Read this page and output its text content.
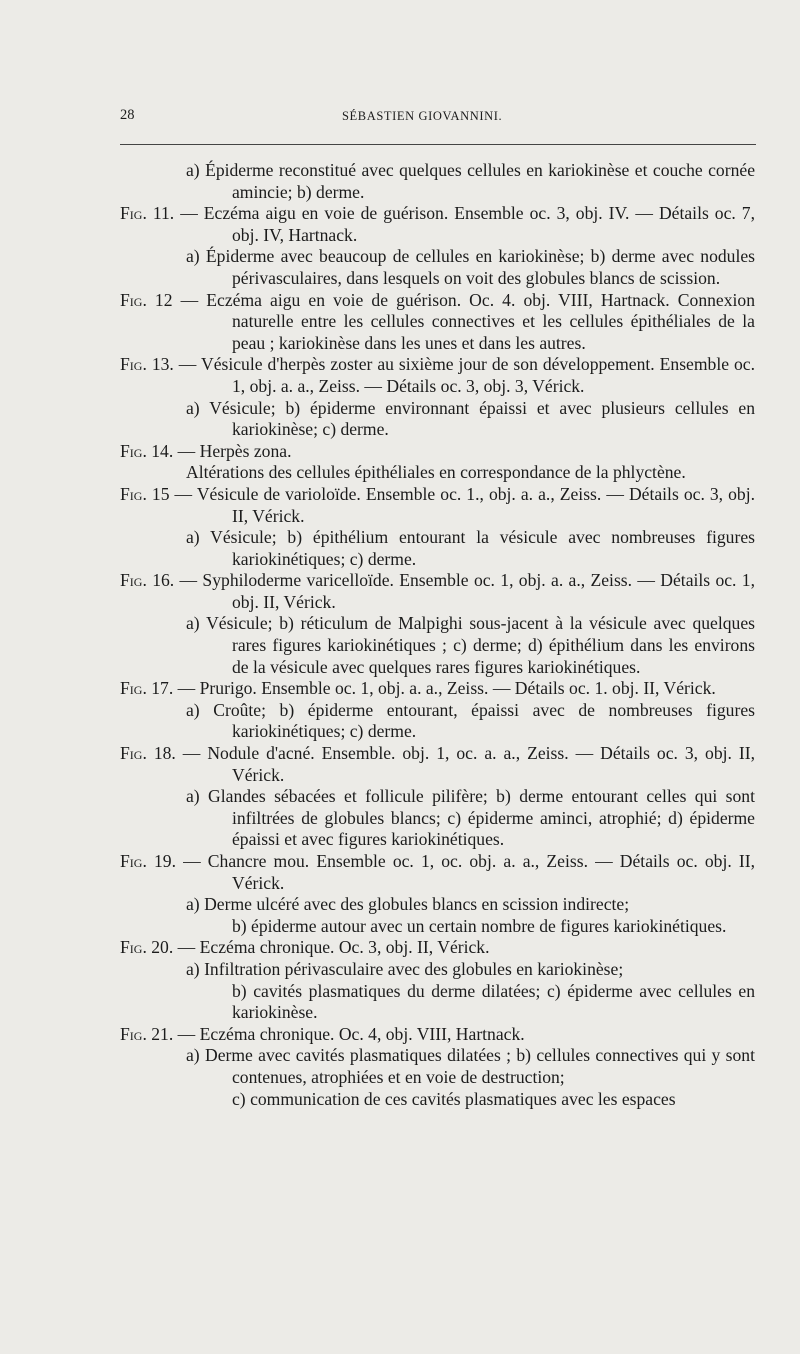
28	SÉBASTIEN GIOVANNINI.

a) Épiderme reconstitué avec quelques cellules en kariokinèse et couche cornée amincie; b) derme.

Fig. 11. — Eczéma aigu en voie de guérison. Ensemble oc. 3, obj. IV. — Détails oc. 7, obj. IV, Hartnack.

a) Épiderme avec beaucoup de cellules en kariokinèse; b) derme avec nodules périvasculaires, dans lesquels on voit des globules blancs de scission.

Fig. 12 — Eczéma aigu en voie de guérison. Oc. 4. obj. VIII, Hartnack. Connexion naturelle entre les cellules connectives et les cellules épithéliales de la peau ; kariokinèse dans les unes et dans les autres.

Fig. 13. — Vésicule d'herpès zoster au sixième jour de son développement. Ensemble oc. 1, obj. a. a., Zeiss. — Détails oc. 3, obj. 3, Vérick.

a) Vésicule; b) épiderme environnant épaissi et avec plusieurs cellules en kariokinèse; c) derme.

Fig. 14. — Herpès zona.

Altérations des cellules épithéliales en correspondance de la phlyctène.

Fig. 15 — Vésicule de varioloïde. Ensemble oc. 1., obj. a. a., Zeiss. — Détails oc. 3, obj. II, Vérick.

a) Vésicule; b) épithélium entourant la vésicule avec nombreuses figures kariokinétiques; c) derme.

Fig. 16. — Syphiloderme varicelloïde. Ensemble oc. 1, obj. a. a., Zeiss. — Détails oc. 1, obj. II, Vérick.

a) Vésicule; b) réticulum de Malpighi sous-jacent à la vésicule avec quelques rares figures kariokinétiques ; c) derme; d) épithélium dans les environs de la vésicule avec quelques rares figures kariokinétiques.

Fig. 17. — Prurigo. Ensemble oc. 1, obj. a. a., Zeiss. — Détails oc. 1. obj. II, Vérick.

a) Croûte; b) épiderme entourant, épaissi avec de nombreuses figures kariokinétiques; c) derme.

Fig. 18. — Nodule d'acné. Ensemble. obj. 1, oc. a. a., Zeiss. — Détails oc. 3, obj. II, Vérick.

a) Glandes sébacées et follicule pilifère; b) derme entourant celles qui sont infiltrées de globules blancs; c) épiderme aminci, atrophié; d) épiderme épaissi et avec figures kariokinétiques.

Fig. 19. — Chancre mou. Ensemble oc. 1, oc. obj. a. a., Zeiss. — Détails oc. obj. II, Vérick.

a) Derme ulcéré avec des globules blancs en scission indirecte;

b) épiderme autour avec un certain nombre de figures kariokinétiques.

Fig. 20. — Eczéma chronique. Oc. 3, obj. II, Vérick.

a) Infiltration périvasculaire avec des globules en kariokinèse;

b) cavités plasmatiques du derme dilatées; c) épiderme avec cellules en kariokinèse.

Fig. 21. — Eczéma chronique. Oc. 4, obj. VIII, Hartnack.

a) Derme avec cavités plasmatiques dilatées ; b) cellules connectives qui y sont contenues, atrophiées et en voie de destruction;

c) communication de ces cavités plasmatiques avec les espaces
